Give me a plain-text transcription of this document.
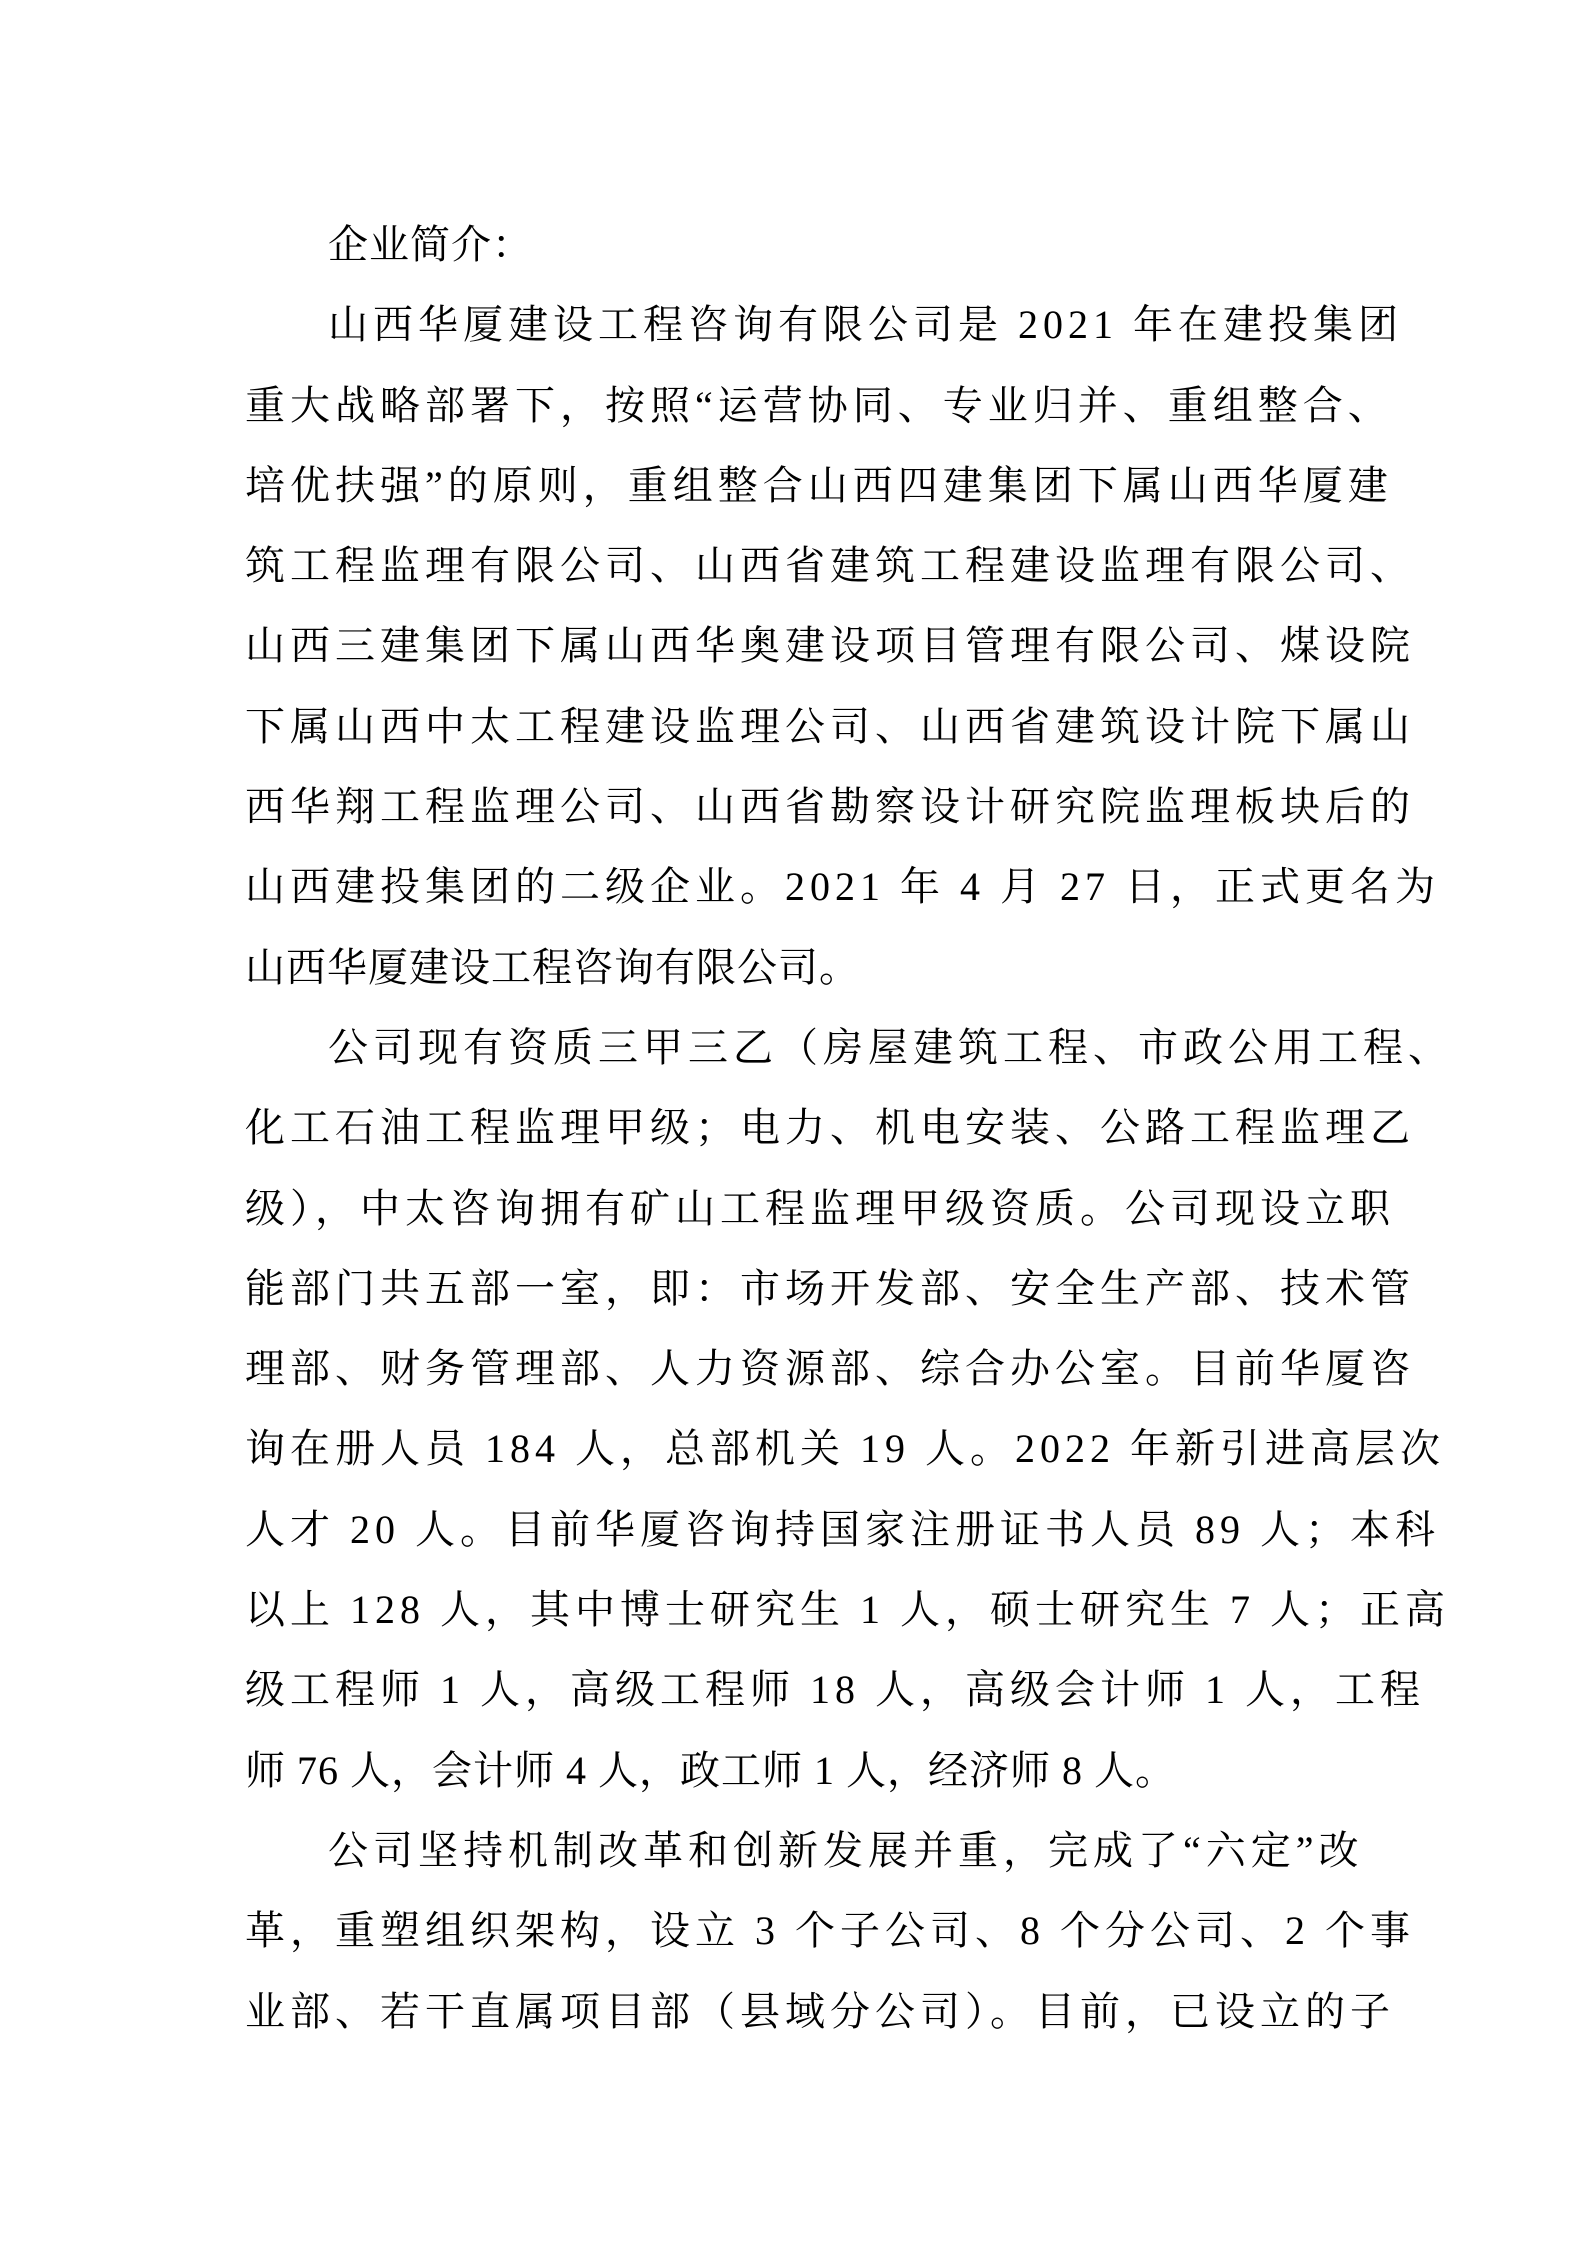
企业简介：
山西华厦建设工程咨询有限公司是 2021 年在建投集团
重大战略部署下，按照“运营协同、专业归并、重组整合、
培优扶强”的原则，重组整合山西四建集团下属山西华厦建
筑工程监理有限公司、山西省建筑工程建设监理有限公司、
山西三建集团下属山西华奥建设项目管理有限公司、煤设院
下属山西中太工程建设监理公司、山西省建筑设计院下属山
西华翔工程监理公司、山西省勘察设计研究院监理板块后的
山西建投集团的二级企业。2021 年 4 月 27 日，正式更名为
山西华厦建设工程咨询有限公司。
公司现有资质三甲三乙（房屋建筑工程、市政公用工程、
化工石油工程监理甲级；电力、机电安装、公路工程监理乙
级），中太咨询拥有矿山工程监理甲级资质。公司现设立职
能部门共五部一室，即：市场开发部、安全生产部、技术管
理部、财务管理部、人力资源部、综合办公室。目前华厦咨
询在册人员 184 人，总部机关 19 人。2022 年新引进高层次
人才 20 人。目前华厦咨询持国家注册证书人员 89 人；本科
以上 128 人，其中博士研究生 1 人，硕士研究生 7 人；正高
级工程师 1 人，高级工程师 18 人，高级会计师 1 人，工程
师 76 人，会计师 4 人，政工师 1 人，经济师 8 人。
公司坚持机制改革和创新发展并重，完成了“六定”改
革，重塑组织架构，设立 3 个子公司、8 个分公司、2 个事
业部、若干直属项目部（县域分公司）。目前，已设立的子
